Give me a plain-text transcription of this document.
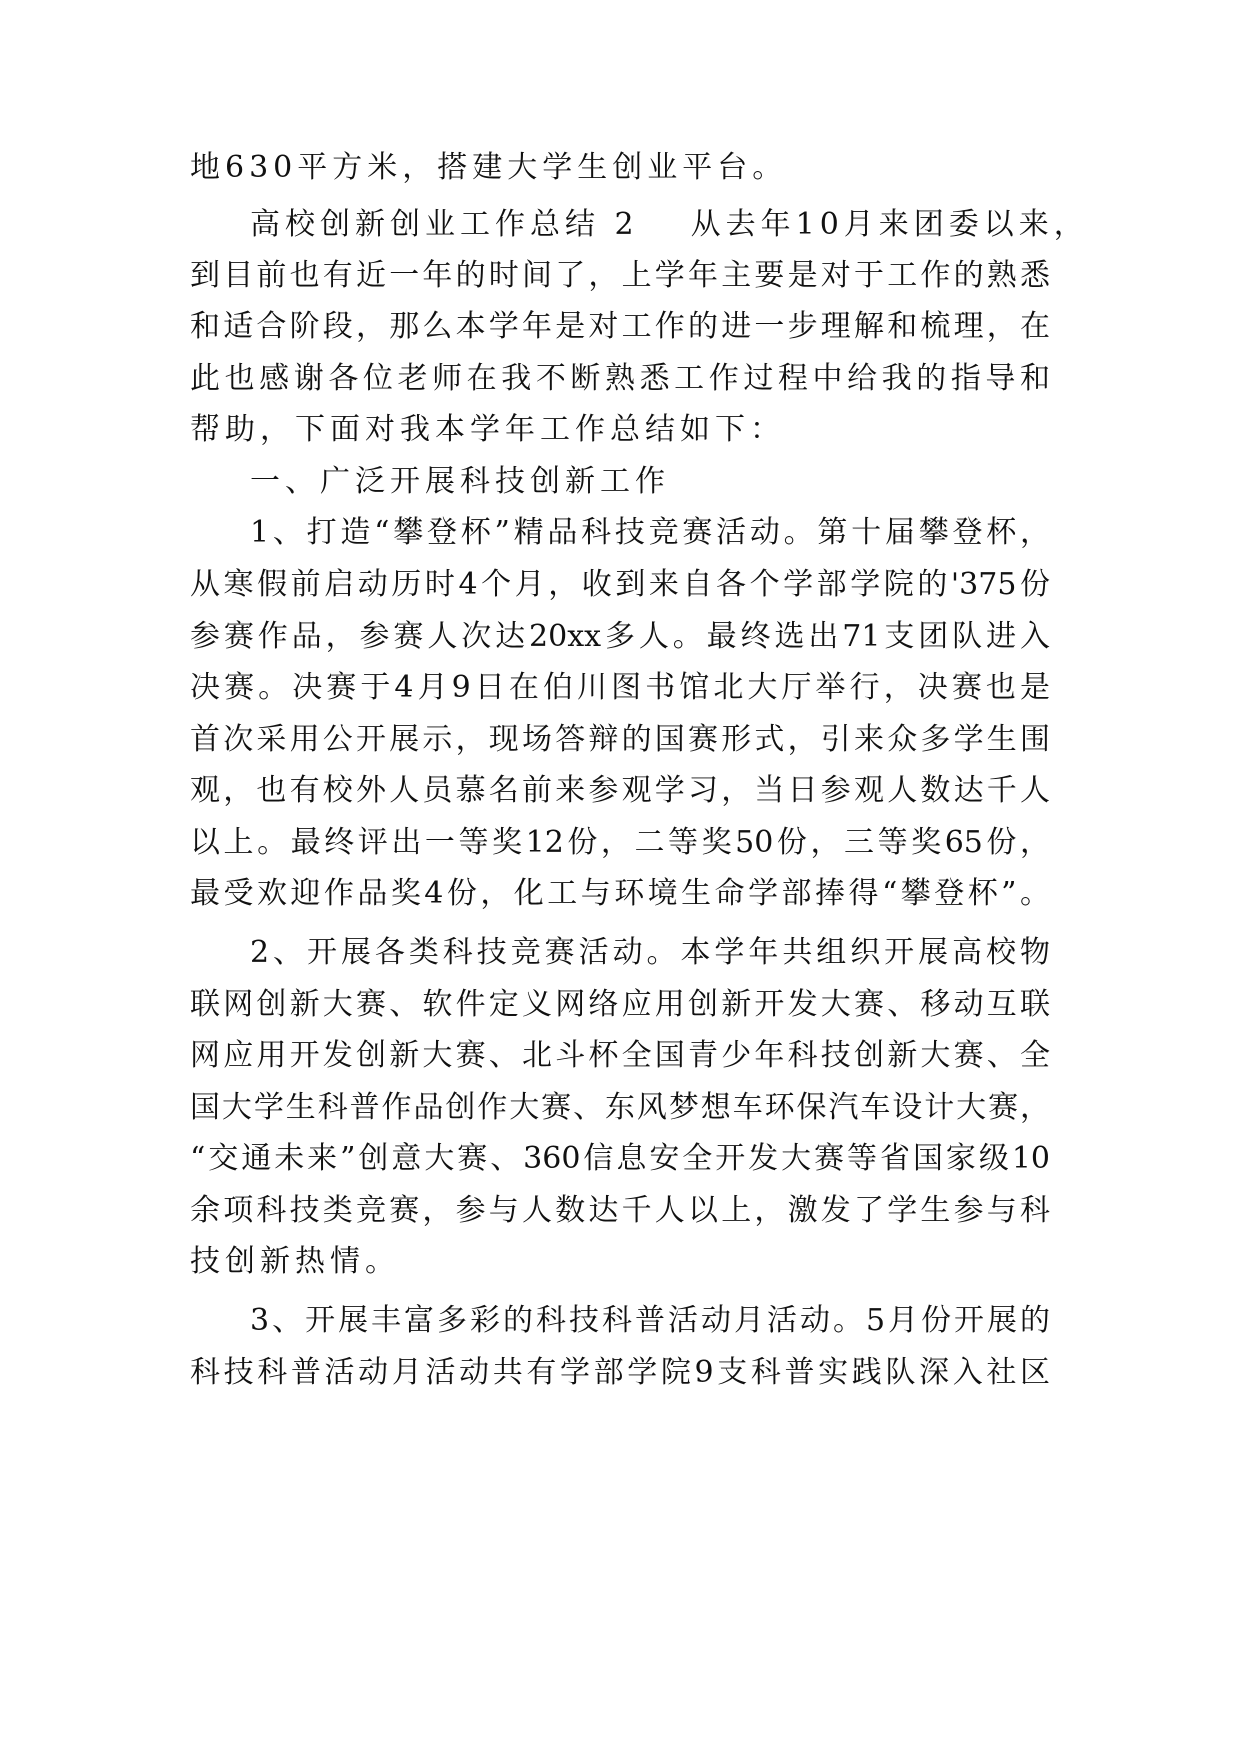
地630平方米，搭建大学生创业平台。
高校创新创业工作总结 2 从去年10月来团委以来，
到目前也有近一年的时间了，上学年主要是对于工作的熟悉
和适合阶段，那么本学年是对工作的进一步理解和梳理，在
此也感谢各位老师在我不断熟悉工作过程中给我的指导和
帮助，下面对我本学年工作总结如下：
一、广泛开展科技创新工作
1、打造“攀登杯”精品科技竞赛活动。第十届攀登杯，
从寒假前启动历时4个月，收到来自各个学部学院的'375份
参赛作品，参赛人次达20xx多人。最终选出71支团队进入
决赛。决赛于4月9日在伯川图书馆北大厅举行，决赛也是
首次采用公开展示，现场答辩的国赛形式，引来众多学生围
观，也有校外人员慕名前来参观学习，当日参观人数达千人
以上。最终评出一等奖12份，二等奖50份，三等奖65份，
最受欢迎作品奖4份，化工与环境生命学部捧得“攀登杯”。
2、开展各类科技竞赛活动。本学年共组织开展高校物
联网创新大赛、软件定义网络应用创新开发大赛、移动互联
网应用开发创新大赛、北斗杯全国青少年科技创新大赛、全
国大学生科普作品创作大赛、东风梦想车环保汽车设计大赛，
“交通未来”创意大赛、360信息安全开发大赛等省国家级10
余项科技类竞赛，参与人数达千人以上，激发了学生参与科
技创新热情。
3、开展丰富多彩的科技科普活动月活动。5月份开展的
科技科普活动月活动共有学部学院9支科普实践队深入社区
